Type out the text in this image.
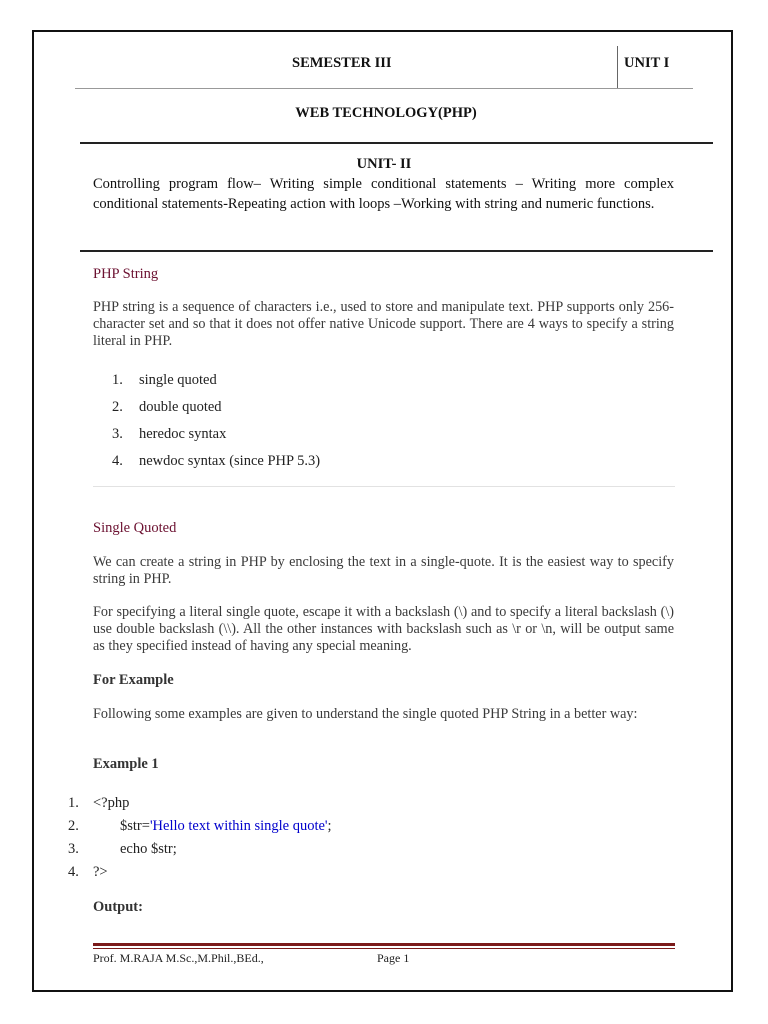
SEMESTER III	UNIT I
WEB TECHNOLOGY(PHP)
UNIT- II
Controlling program flow– Writing simple conditional statements – Writing more complex conditional statements-Repeating action with loops –Working with string and numeric functions.
PHP String
PHP string is a sequence of characters i.e., used to store and manipulate text. PHP supports only 256-character set and so that it does not offer native Unicode support. There are 4 ways to specify a string literal in PHP.
1. single quoted
2. double quoted
3. heredoc syntax
4. newdoc syntax (since PHP 5.3)
Single Quoted
We can create a string in PHP by enclosing the text in a single-quote. It is the easiest way to specify string in PHP.
For specifying a literal single quote, escape it with a backslash (\) and to specify a literal backslash (\) use double backslash (\\). All the other instances with backslash such as \r or \n, will be output same as they specified instead of having any special meaning.
For Example
Following some examples are given to understand the single quoted PHP String in a better way:
Example 1
1. <?php
2.	$str='Hello text within single quote';
3.	echo $str;
4. ?>
Output:
Prof. M.RAJA M.Sc.,M.Phil.,BEd.,	Page 1
